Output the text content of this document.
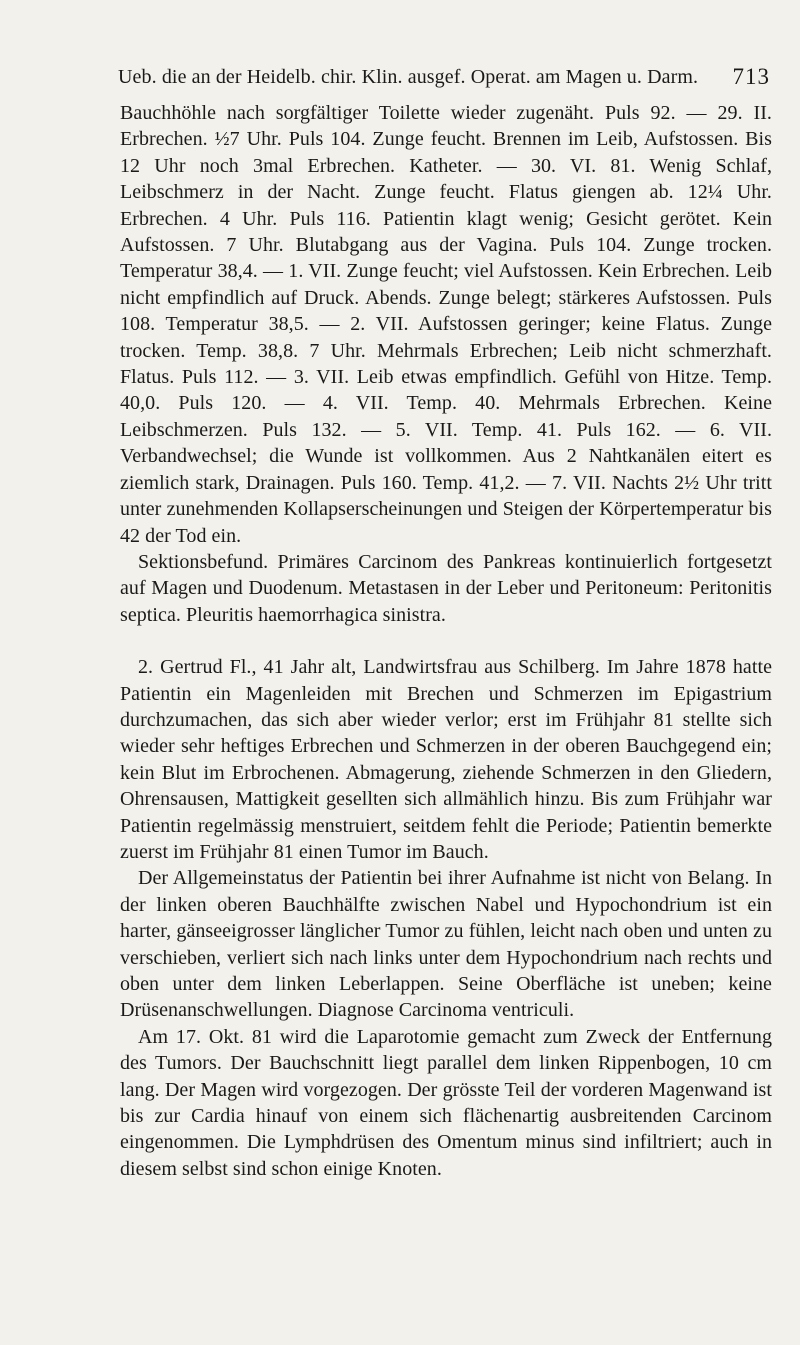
Ueb. die an der Heidelb. chir. Klin. ausgef. Operat. am Magen u. Darm. 713

Bauchhöhle nach sorgfältiger Toilette wieder zugenäht. Puls 92. — 29. II. Erbrechen. ½7 Uhr. Puls 104. Zunge feucht. Brennen im Leib, Aufstossen. Bis 12 Uhr noch 3mal Erbrechen. Katheter. — 30. VI. 81. Wenig Schlaf, Leibschmerz in der Nacht. Zunge feucht. Flatus giengen ab. 12¼ Uhr. Erbrechen. 4 Uhr. Puls 116. Patientin klagt wenig; Gesicht gerötet. Kein Aufstossen. 7 Uhr. Blutabgang aus der Vagina. Puls 104. Zunge trocken. Temperatur 38,4. — 1. VII. Zunge feucht; viel Aufstossen. Kein Erbrechen. Leib nicht empfindlich auf Druck. Abends. Zunge belegt; stärkeres Aufstossen. Puls 108. Temperatur 38,5. — 2. VII. Aufstossen geringer; keine Flatus. Zunge trocken. Temp. 38,8. 7 Uhr. Mehrmals Erbrechen; Leib nicht schmerzhaft. Flatus. Puls 112. — 3. VII. Leib etwas empfindlich. Gefühl von Hitze. Temp. 40,0. Puls 120. — 4. VII. Temp. 40. Mehrmals Erbrechen. Keine Leibschmerzen. Puls 132. — 5. VII. Temp. 41. Puls 162. — 6. VII. Verbandwechsel; die Wunde ist vollkommen. Aus 2 Nahtkanälen eitert es ziemlich stark, Drainagen. Puls 160. Temp. 41,2. — 7. VII. Nachts 2½ Uhr tritt unter zunehmenden Kollapserscheinungen und Steigen der Körpertemperatur bis 42 der Tod ein.

Sektionsbefund. Primäres Carcinom des Pankreas kontinuierlich fortgesetzt auf Magen und Duodenum. Metastasen in der Leber und Peritoneum: Peritonitis septica. Pleuritis haemorrhagica sinistra.

2. Gertrud Fl., 41 Jahr alt, Landwirtsfrau aus Schilberg. Im Jahre 1878 hatte Patientin ein Magenleiden mit Brechen und Schmerzen im Epigastrium durchzumachen, das sich aber wieder verlor; erst im Frühjahr 81 stellte sich wieder sehr heftiges Erbrechen und Schmerzen in der oberen Bauchgegend ein; kein Blut im Erbrochenen. Abmagerung, ziehende Schmerzen in den Gliedern, Ohrensausen, Mattigkeit gesellten sich allmählich hinzu. Bis zum Frühjahr war Patientin regelmässig menstruiert, seitdem fehlt die Periode; Patientin bemerkte zuerst im Frühjahr 81 einen Tumor im Bauch.

Der Allgemeinstatus der Patientin bei ihrer Aufnahme ist nicht von Belang. In der linken oberen Bauchhälfte zwischen Nabel und Hypochondrium ist ein harter, gänseeigrosser länglicher Tumor zu fühlen, leicht nach oben und unten zu verschieben, verliert sich nach links unter dem Hypochondrium nach rechts und oben unter dem linken Leberlappen. Seine Oberfläche ist uneben; keine Drüsenanschwellungen. Diagnose Carcinoma ventriculi.

Am 17. Okt. 81 wird die Laparotomie gemacht zum Zweck der Entfernung des Tumors. Der Bauchschnitt liegt parallel dem linken Rippenbogen, 10 cm lang. Der Magen wird vorgezogen. Der grösste Teil der vorderen Magenwand ist bis zur Cardia hinauf von einem sich flächenartig ausbreitenden Carcinom eingenommen. Die Lymphdrüsen des Omentum minus sind infiltriert; auch in diesem selbst sind schon einige Knoten.
